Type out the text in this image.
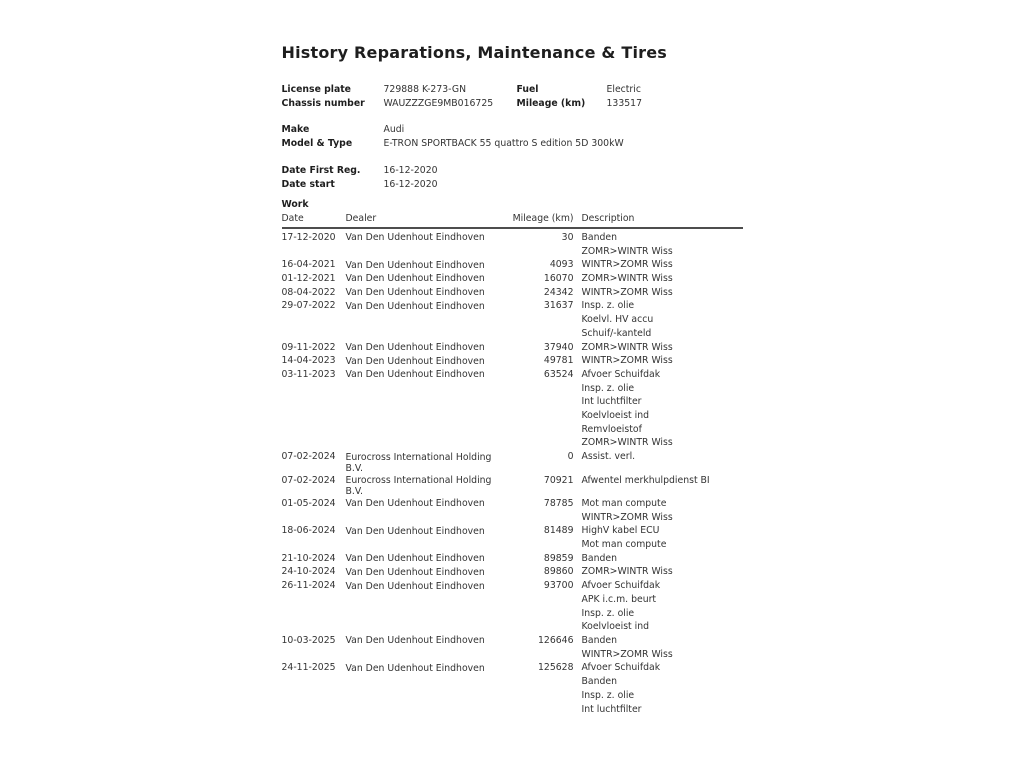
History Reparations, Maintenance & Tires
License plate	729888 K-273-GN	Fuel	Electric
Chassis number	WAUZZZGE9MB016725	Mileage (km)	133517
Make	Audi
Model & Type	E-TRON SPORTBACK 55 quattro S edition 5D 300kW
Date First Reg.	16-12-2020
Date start	16-12-2020
Work
Date	Dealer	Mileage (km) Description
17-12-2020	Van Den Udenhout Eindhoven	30 Banden
ZOMR>WINTR Wiss
16-04-2021	Van Den Udenhout Eindhoven	4093 WINTR>ZOMR Wiss
01-12-2021	Van Den Udenhout Eindhoven	16070 ZOMR>WINTR Wiss
08-04-2022	Van Den Udenhout Eindhoven	24342 WINTR>ZOMR Wiss
29-07-2022	Van Den Udenhout Eindhoven	31637 Insp. z. olie
Koelvl. HV accu
Schuif/-kanteld
09-11-2022	Van Den Udenhout Eindhoven	37940 ZOMR>WINTR Wiss
14-04-2023	Van Den Udenhout Eindhoven	49781 WINTR>ZOMR Wiss
03-11-2023	Van Den Udenhout Eindhoven	63524 Afvoer Schuifdak
Insp. z. olie
Int luchtfilter
Koelvloeist ind
Remvloeistof
ZOMR>WINTR Wiss
07-02-2024	Eurocross International Holding B.V.
0 Assist. verl.
07-02-2024	Eurocross International Holding B.V.
70921 Afwentel merkhulpdienst BI
01-05-2024	Van Den Udenhout Eindhoven	78785 Mot man compute
WINTR>ZOMR Wiss
18-06-2024	Van Den Udenhout Eindhoven	81489 HighV kabel ECU
Mot man compute
21-10-2024	Van Den Udenhout Eindhoven	89859 Banden
24-10-2024	Van Den Udenhout Eindhoven	89860 ZOMR>WINTR Wiss
26-11-2024	Van Den Udenhout Eindhoven	93700 Afvoer Schuifdak
APK i.c.m. beurt
Insp. z. olie
Koelvloeist ind
10-03-2025	Van Den Udenhout Eindhoven	126646 Banden
WINTR>ZOMR Wiss
24-11-2025	Van Den Udenhout Eindhoven	125628 Afvoer Schuifdak
Banden
Insp. z. olie
Int luchtfilter
